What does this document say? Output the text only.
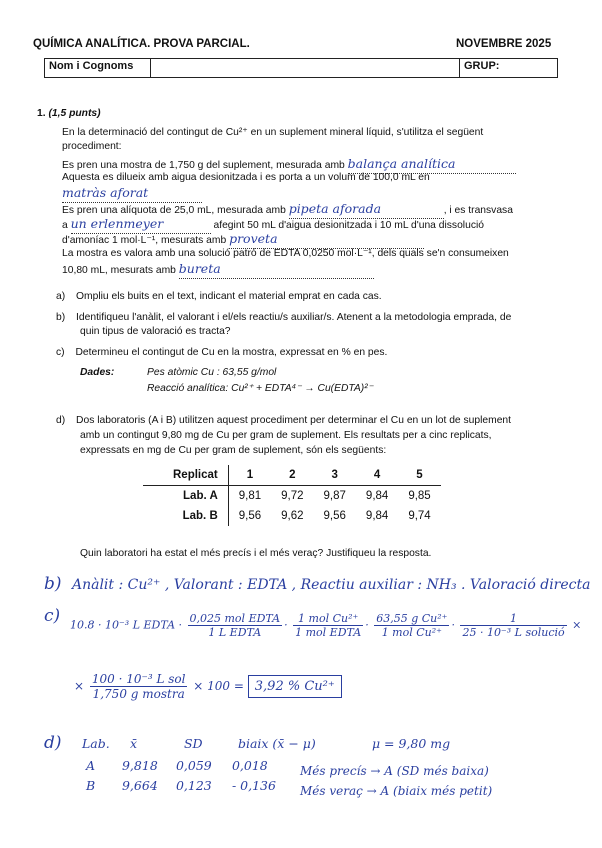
QUÍMICA ANALÍTICA. PROVA PARCIAL.	NOVEMBRE 2025
Nom i Cognoms		GRUP:
1. (1,5 punts)
En la determinació del contingut de Cu²⁺ en un suplement mineral líquid, s'utilitza el següent
procediment:
Es pren una mostra de 1,750 g del suplement, mesurada amb balança analítica
Aquesta es dilueix amb aigua desionitzada i es porta a un volum de 100,0 mL en
matràs aforat
Es pren una alíquota de 25,0 mL, mesurada amb pipeta aforada	, i es transvasa
a un erlenmeyer	afegint 50 mL d'aigua desionitzada i 10 mL d'una dissolució
d'amoníac 1 mol·L⁻¹, mesurats amb proveta
La mostra es valora amb una solució patró de EDTA 0,0250 mol·L⁻¹, dels quals se'n consumeixen
10,80 mL, mesurats amb bureta
a) Ompliu els buits en el text, indicant el material emprat en cada cas.
b) Identifiqueu l'anàlit, el valorant i el/els reactiu/s auxiliar/s. Atenent a la metodologia emprada, de
quin tipus de valoració es tracta?
c) Determineu el contingut de Cu en la mostra, expressat en % en pes.
Dades:	Pes atòmic Cu : 63,55 g/mol
Reacció analítica: Cu²⁺ + EDTA⁴⁻ → Cu(EDTA)²⁻
d) Dos laboratoris (A i B) utilitzen aquest procediment per determinar el Cu en un lot de suplement
amb un contingut 9,80 mg de Cu per gram de suplement. Els resultats per a cinc replicats,
expressats en mg de Cu per gram de suplement, són els següents:
Replicat	1	2	3	4	5
Lab. A	9,81	9,72	9,87	9,84	9,85
Lab. B	9,56	9,62	9,56	9,84	9,74
Quin laboratori ha estat el més precís i el més veraç? Justifiqueu la resposta.
b) Anàlit : Cu²⁺ , Valorant : EDTA , Reactiu auxiliar : NH₃ . Valoració directa
c) 10.8 · 10⁻³ L EDTA · $\frac{\text{0,025 mol EDTA}}{\text{1 L EDTA}} \cdot \frac{\text{1 mol Cu²⁺}}{\text{1 mol EDTA}} \cdot \frac{\text{63,55 g Cu²⁺}}{\text{1 mol Cu²⁺}} \cdot \frac{1}{\text{25 · 10⁻³ L solució}}$ ×
× $\frac{\text{100 · 10⁻³ L sol}}{\text{1,750 g mostra}} \times 100 = 3,92$ % Cu²⁺
d) Lab. x̄	SD	biaix (x̄ − μ)	μ = 9,80 mg
A 9,818 0,059 0,018
B 9,664 0,123 - 0,136
Més precís → A (SD més baixa)
Més veraç → A (biaix més petit)
